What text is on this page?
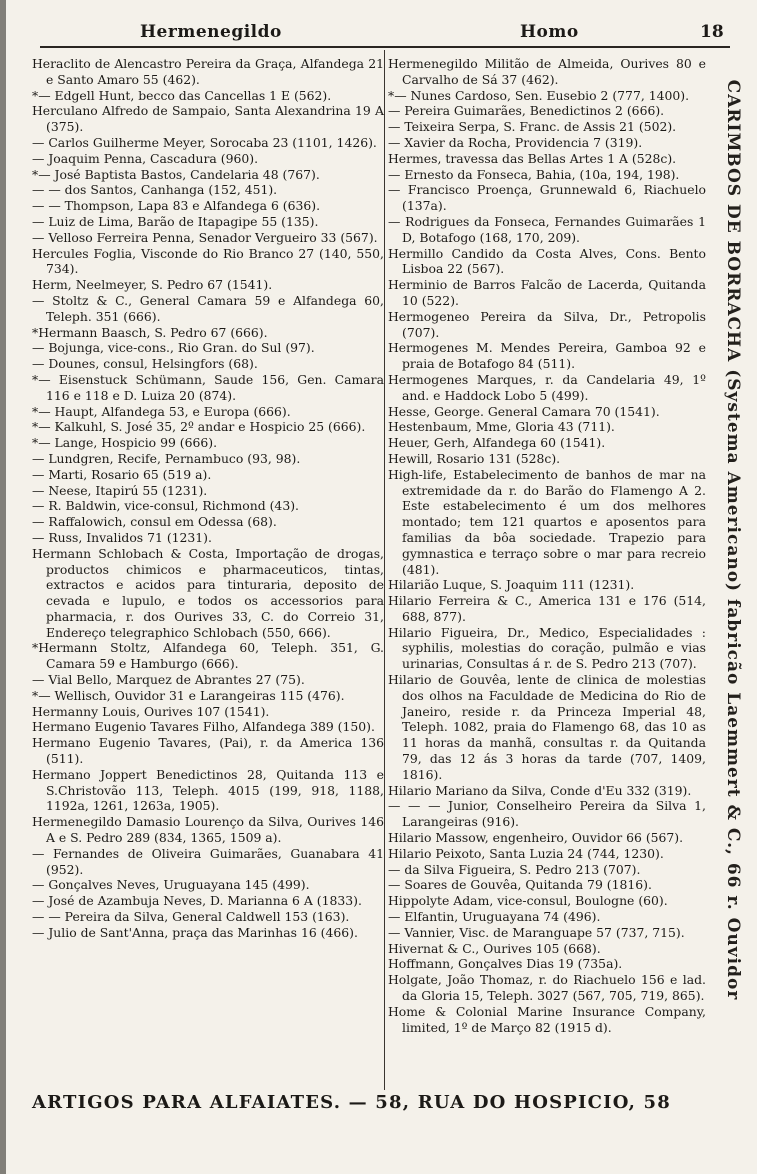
Hermenegildo	Homo	18
Heraclito de Alencastro Pereira da Graça, Alfandega 21 e Santo Amaro 55 (462).
*— Edgell Hunt, becco das Cancellas 1 E (562).
Herculano Alfredo de Sampaio, Santa Alexandrina 19 A (375).
— Carlos Guilherme Meyer, Sorocaba 23 (1101, 1426).
— Joaquim Penna, Cascadura (960).
*— José Baptista Bastos, Candelaria 48 (767).
— — dos Santos, Canhanga (152, 451).
— — Thompson, Lapa 83 e Alfandega 6 (636).
— Luiz de Lima, Barão de Itapagipe 55 (135).
— Velloso Ferreira Penna, Senador Vergueiro 33 (567).
Hercules Foglia, Visconde do Rio Branco 27 (140, 550, 734).
Herm, Neelmeyer, S. Pedro 67 (1541).
— Stoltz & C., General Camara 59 e Alfandega 60, Teleph. 351 (666).
*Hermann Baasch, S. Pedro 67 (666).
— Bojunga, vice-cons., Rio Gran. do Sul (97).
— Dounes, consul, Helsingfors (68).
*— Eisenstuck Schümann, Saude 156, Gen. Camara 116 e 118 e D. Luiza 20 (874).
*— Haupt, Alfandega 53, e Europa (666).
*— Kalkuhl, S. José 35, 2º andar e Hospicio 25 (666).
*— Lange, Hospicio 99 (666).
— Lundgren, Recife, Pernambuco (93, 98).
— Marti, Rosario 65 (519 a).
— Neese, Itapirú 55 (1231).
— R. Baldwin, vice-consul, Richmond (43).
— Raffalowich, consul em Odessa (68).
— Russ, Invalidos 71 (1231).
Hermann Schlobach & Costa, Importação de drogas, productos chimicos e pharmaceuticos, tintas, extractos e acidos para tinturaria, deposito de cevada e lupulo, e todos os accessorios para pharmacia, r. dos Ourives 33, C. do Correio 31, Endereço telegraphico Schlobach (550, 666).
*Hermann Stoltz, Alfandega 60, Teleph. 351, G. Camara 59 e Hamburgo (666).
— Vial Bello, Marquez de Abrantes 27 (75).
*— Wellisch, Ouvidor 31 e Larangeiras 115 (476).
Hermanny Louis, Ourives 107 (1541).
Hermano Eugenio Tavares Filho, Alfandega 389 (150).
Hermano Eugenio Tavares, (Pai), r. da America 136 (511).
Hermano Joppert Benedictinos 28, Quitanda 113 e S.Christovão 113, Teleph. 4015 (199, 918, 1188, 1192a, 1261, 1263a, 1905).
Hermenegildo Damasio Lourenço da Silva, Ourives 146 A e S. Pedro 289 (834, 1365, 1509 a).
— Fernandes de Oliveira Guimarães, Guanabara 41 (952).
— Gonçalves Neves, Uruguayana 145 (499).
— José de Azambuja Neves, D. Marianna 6 A (1833).
— — Pereira da Silva, General Caldwell 153 (163).
— Julio de Sant'Anna, praça das Marinhas 16 (466).
Hermenegildo Militão de Almeida, Ourives 80 e Carvalho de Sá 37 (462).
*— Nunes Cardoso, Sen. Eusebio 2 (777, 1400).
— Pereira Guimarães, Benedictinos 2 (666).
— Teixeira Serpa, S. Franc. de Assis 21 (502).
— Xavier da Rocha, Providencia 7 (319).
Hermes, travessa das Bellas Artes 1 A (528c).
— Ernesto da Fonseca, Bahia, (10a, 194, 198).
— Francisco Proença, Grunnewald 6, Riachuelo (137a).
— Rodrigues da Fonseca, Fernandes Guimarães 1 D, Botafogo (168, 170, 209).
Hermillo Candido da Costa Alves, Cons. Bento Lisboa 22 (567).
Herminio de Barros Falcão de Lacerda, Quitanda 10 (522).
Hermogeneo Pereira da Silva, Dr., Petropolis (707).
Hermogenes M. Mendes Pereira, Gamboa 92 e praia de Botafogo 84 (511).
Hermogenes Marques, r. da Candelaria 49, 1º and. e Haddock Lobo 5 (499).
Hesse, George. General Camara 70 (1541).
Hestenbaum, Mme, Gloria 43 (711).
Heuer, Gerh, Alfandega 60 (1541).
Hewill, Rosario 131 (528c).
High-life, Estabelecimento de banhos de mar na extremidade da r. do Barão do Flamengo A 2. Este estabelecimento é um dos melhores montado; tem 121 quartos e aposentos para familias da bôa sociedade. Trapezio para gymnastica e terraço sobre o mar para recreio (481).
Hilarião Luque, S. Joaquim 111 (1231).
Hilario Ferreira & C., America 131 e 176 (514, 688, 877).
Hilario Figueira, Dr., Medico, Especialidades : syphilis, molestias do coração, pulmão e vias urinarias, Consultas á r. de S. Pedro 213 (707).
Hilario de Gouvêa, lente de clinica de molestias dos olhos na Faculdade de Medicina do Rio de Janeiro, reside r. da Princeza Imperial 48, Teleph. 1082, praia do Flamengo 68, das 10 as 11 horas da manhã, consultas r. da Quitanda 79, das 12 ás 3 horas da tarde (707, 1409, 1816).
Hilario Mariano da Silva, Conde d'Eu 332 (319).
— — — Junior, Conselheiro Pereira da Silva 1, Larangeiras (916).
Hilario Massow, engenheiro, Ouvidor 66 (567).
Hilario Peixoto, Santa Luzia 24 (744, 1230).
— da Silva Figueira, S. Pedro 213 (707).
— Soares de Gouvêa, Quitanda 79 (1816).
Hippolyte Adam, vice-consul, Boulogne (60).
— Elfantin, Uruguayana 74 (496).
— Vannier, Visc. de Maranguape 57 (737, 715).
Hivernat & C., Ourives 105 (668).
Hoffmann, Gonçalves Dias 19 (735a).
Holgate, João Thomaz, r. do Riachuelo 156 e lad. da Gloria 15, Teleph. 3027 (567, 705, 719, 865).
Home & Colonial Marine Insurance Company, limited, 1º de Março 82 (1915 d).
CARIMBOS DE BORRACHA (Systema Americano) fabricão Laemmert & C., 66 r. Ouvidor
ARTIGOS PARA ALFAIATES. — 58, RUA DO HOSPICIO, 58
